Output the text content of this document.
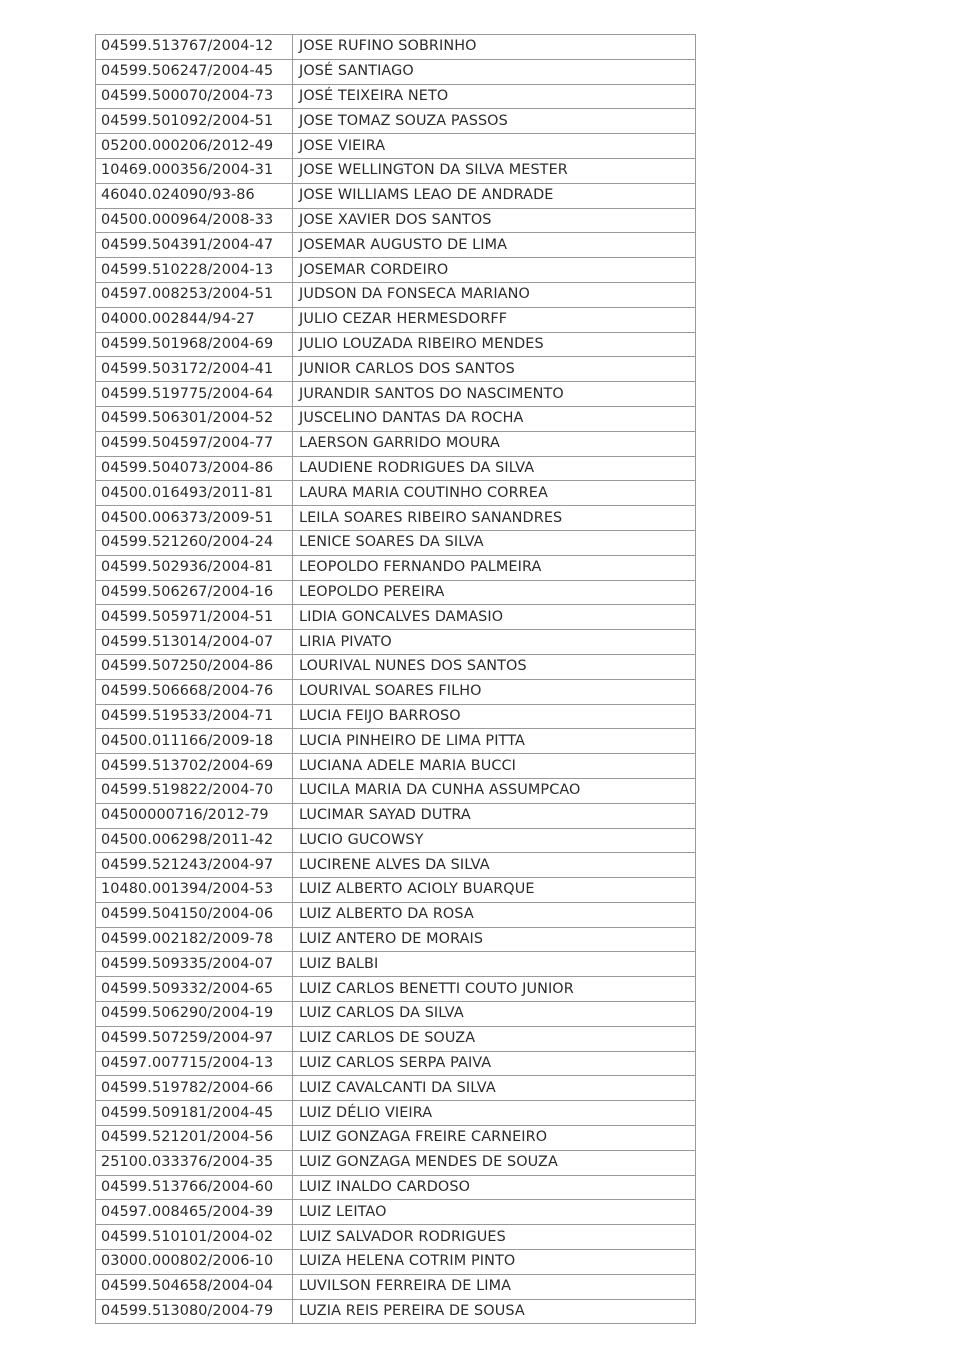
04599.513767/2004-12	JOSE RUFINO SOBRINHO
04599.506247/2004-45	JOSÉ SANTIAGO
04599.500070/2004-73	JOSÉ TEIXEIRA NETO
04599.501092/2004-51	JOSE TOMAZ SOUZA PASSOS
05200.000206/2012-49	JOSE VIEIRA
10469.000356/2004-31	JOSE WELLINGTON DA SILVA MESTER
46040.024090/93-86	JOSE WILLIAMS LEAO DE ANDRADE
04500.000964/2008-33	JOSE XAVIER DOS SANTOS
04599.504391/2004-47	JOSEMAR AUGUSTO DE LIMA
04599.510228/2004-13	JOSEMAR CORDEIRO
04597.008253/2004-51	JUDSON DA FONSECA MARIANO
04000.002844/94-27	JULIO CEZAR HERMESDORFF
04599.501968/2004-69	JULIO LOUZADA RIBEIRO MENDES
04599.503172/2004-41	JUNIOR CARLOS DOS SANTOS
04599.519775/2004-64	JURANDIR SANTOS DO NASCIMENTO
04599.506301/2004-52	JUSCELINO DANTAS DA ROCHA
04599.504597/2004-77	LAERSON GARRIDO MOURA
04599.504073/2004-86	LAUDIENE RODRIGUES DA SILVA
04500.016493/2011-81	LAURA MARIA COUTINHO CORREA
04500.006373/2009-51	LEILA SOARES RIBEIRO SANANDRES
04599.521260/2004-24	LENICE SOARES DA SILVA
04599.502936/2004-81	LEOPOLDO FERNANDO PALMEIRA
04599.506267/2004-16	LEOPOLDO PEREIRA
04599.505971/2004-51	LIDIA GONCALVES DAMASIO
04599.513014/2004-07	LIRIA PIVATO
04599.507250/2004-86	LOURIVAL NUNES DOS SANTOS
04599.506668/2004-76	LOURIVAL SOARES FILHO
04599.519533/2004-71	LUCIA FEIJO BARROSO
04500.011166/2009-18	LUCIA PINHEIRO DE LIMA PITTA
04599.513702/2004-69	LUCIANA ADELE MARIA BUCCI
04599.519822/2004-70	LUCILA MARIA DA CUNHA ASSUMPCAO
04500000716/2012-79	LUCIMAR SAYAD DUTRA
04500.006298/2011-42	LUCIO GUCOWSY
04599.521243/2004-97	LUCIRENE ALVES DA SILVA
10480.001394/2004-53	LUIZ ALBERTO ACIOLY BUARQUE
04599.504150/2004-06	LUIZ ALBERTO DA ROSA
04599.002182/2009-78	LUIZ ANTERO DE MORAIS
04599.509335/2004-07	LUIZ BALBI
04599.509332/2004-65	LUIZ CARLOS BENETTI COUTO JUNIOR
04599.506290/2004-19	LUIZ CARLOS DA SILVA
04599.507259/2004-97	LUIZ CARLOS DE SOUZA
04597.007715/2004-13	LUIZ CARLOS SERPA PAIVA
04599.519782/2004-66	LUIZ CAVALCANTI DA SILVA
04599.509181/2004-45	LUIZ DÉLIO VIEIRA
04599.521201/2004-56	LUIZ GONZAGA FREIRE CARNEIRO
25100.033376/2004-35	LUIZ GONZAGA MENDES DE SOUZA
04599.513766/2004-60	LUIZ INALDO CARDOSO
04597.008465/2004-39	LUIZ LEITAO
04599.510101/2004-02	LUIZ SALVADOR RODRIGUES
03000.000802/2006-10	LUIZA HELENA COTRIM PINTO
04599.504658/2004-04	LUVILSON FERREIRA DE LIMA
04599.513080/2004-79	LUZIA REIS PEREIRA DE SOUSA
